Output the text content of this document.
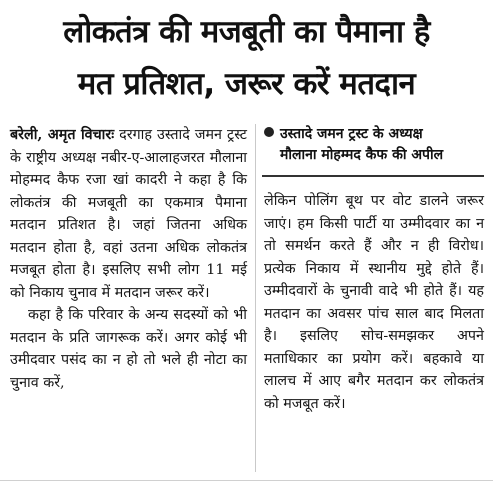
लोकतंत्र की मजबूती का पैमाना है
मत प्रतिशत, जरूर करें मतदान

बरेली, अमृत विचारः दरगाह उस्तादे जमन ट्रस्ट के राष्ट्रीय अध्यक्ष नबीर-ए-आलाहजरत मौलाना मोहम्मद कैफ रजा खां कादरी ने कहा है कि लोकतंत्र की मजबूती का एकमात्र पैमाना मतदान प्रतिशत है। जहां जितना अधिक मतदान होता है, वहां उतना अधिक लोकतंत्र मजबूत होता है। इसलिए सभी लोग 11 मई को निकाय चुनाव में मतदान जरूर करें।

कहा है कि परिवार के अन्य सदस्यों को भी मतदान के प्रति जागरूक करें। अगर कोई भी उमीदवार पसंद का न हो तो भले ही नोटा का चुनाव करें,

उस्तादे जमन ट्रस्ट के अध्यक्ष
मौलाना मोहम्मद कैफ की अपील

लेकिन पोलिंग बूथ पर वोट डालने जरूर जाएं। हम किसी पार्टी या उम्मीदवार का न तो समर्थन करते हैं और न ही विरोध। प्रत्येक निकाय में स्थानीय मुद्दे होते हैं। उम्मीदवारों के चुनावी वादे भी होते हैं। यह मतदान का अवसर पांच साल बाद मिलता है। इसलिए सोच-समझकर अपने मताधिकार का प्रयोग करें। बहकावे या लालच में आए बगैर मतदान कर लोकतंत्र को मजबूत करें।
